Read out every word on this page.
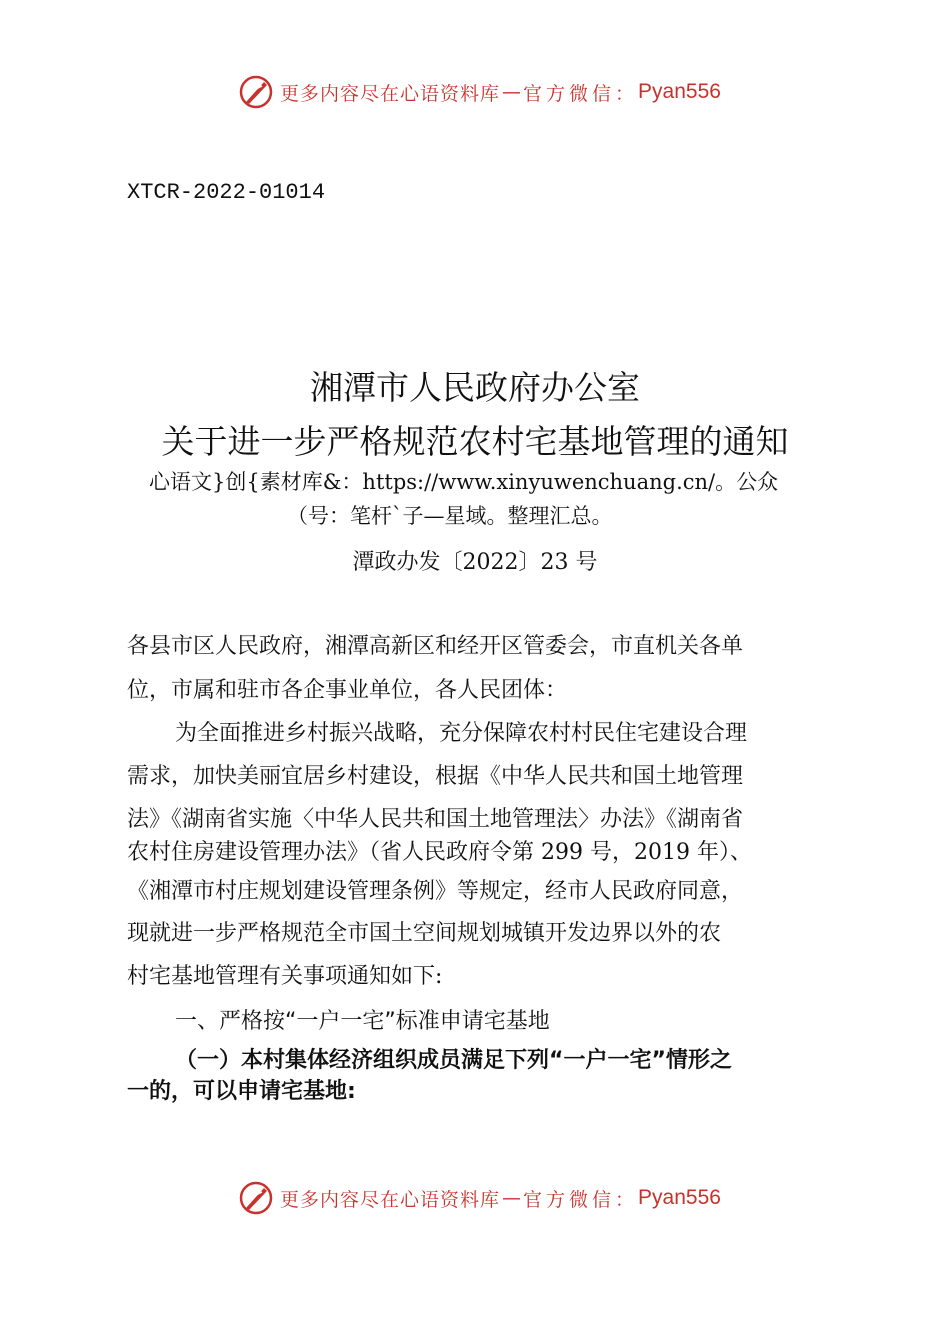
更多内容尽在心语资料库 — 官方微信： Pyan556
XTCR-2022-01014
湘潭市人民政府办公室
关于进一步严格规范农村宅基地管理的通知
心语文}创{素材库&：https://www.xinyuwenchuang.cn/。公众
（号：笔杆`子—星域。整理汇总。
潭政办发〔2022〕23 号
各县市区人民政府，湘潭高新区和经开区管委会，市直机关各单
位，市属和驻市各企事业单位，各人民团体：
为全面推进乡村振兴战略，充分保障农村村民住宅建设合理
需求，加快美丽宜居乡村建设，根据《中华人民共和国土地管理
法》《湖南省实施〈中华人民共和国土地管理法〉办法》《湖南省
农村住房建设管理办法》（省人民政府令第 299 号，2019 年）、
《湘潭市村庄规划建设管理条例》等规定，经市人民政府同意，
现就进一步严格规范全市国土空间规划城镇开发边界以外的农
村宅基地管理有关事项通知如下:
一、严格按“一户一宅”标准申请宅基地
（一）本村集体经济组织成员满足下列“一户一宅”情形之
一的，可以申请宅基地:
更多内容尽在心语资料库 — 官方微信： Pyan556
